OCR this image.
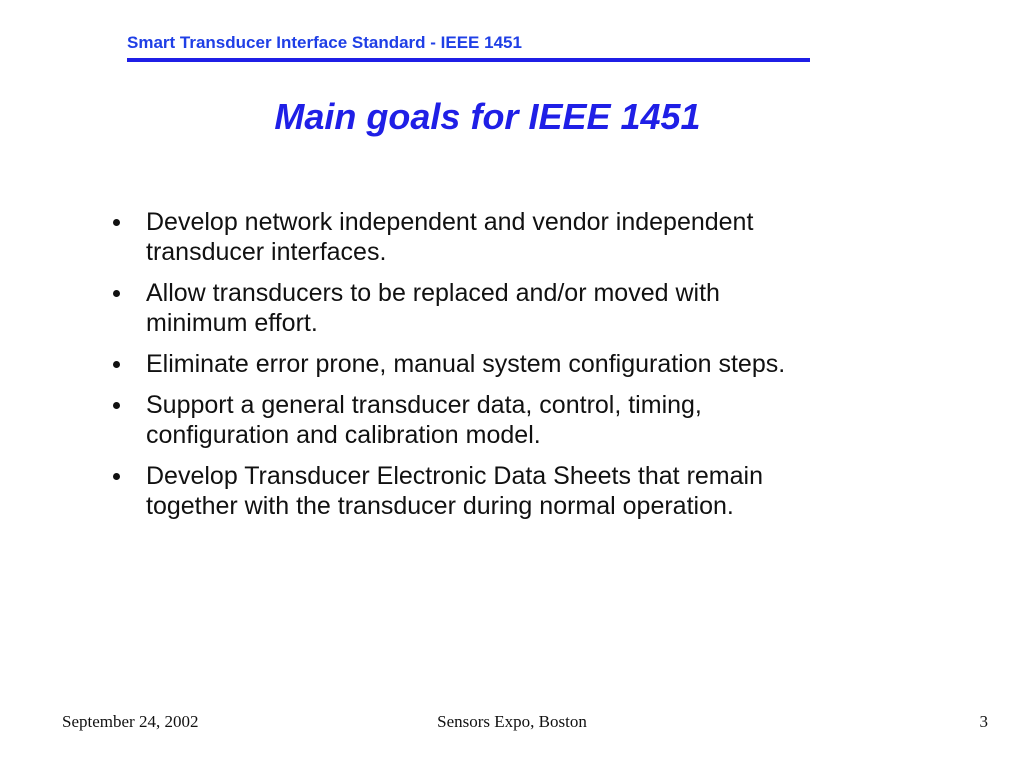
Smart Transducer Interface Standard - IEEE 1451
Main goals for IEEE 1451
Develop network independent and vendor independent
transducer interfaces.
Allow transducers to be replaced and/or moved with
minimum effort.
Eliminate error prone, manual system configuration steps.
Support a general transducer data, control, timing,
configuration and calibration model.
Develop Transducer Electronic Data Sheets that remain
together with the transducer during normal operation.
September 24, 2002	Sensors Expo, Boston	3
